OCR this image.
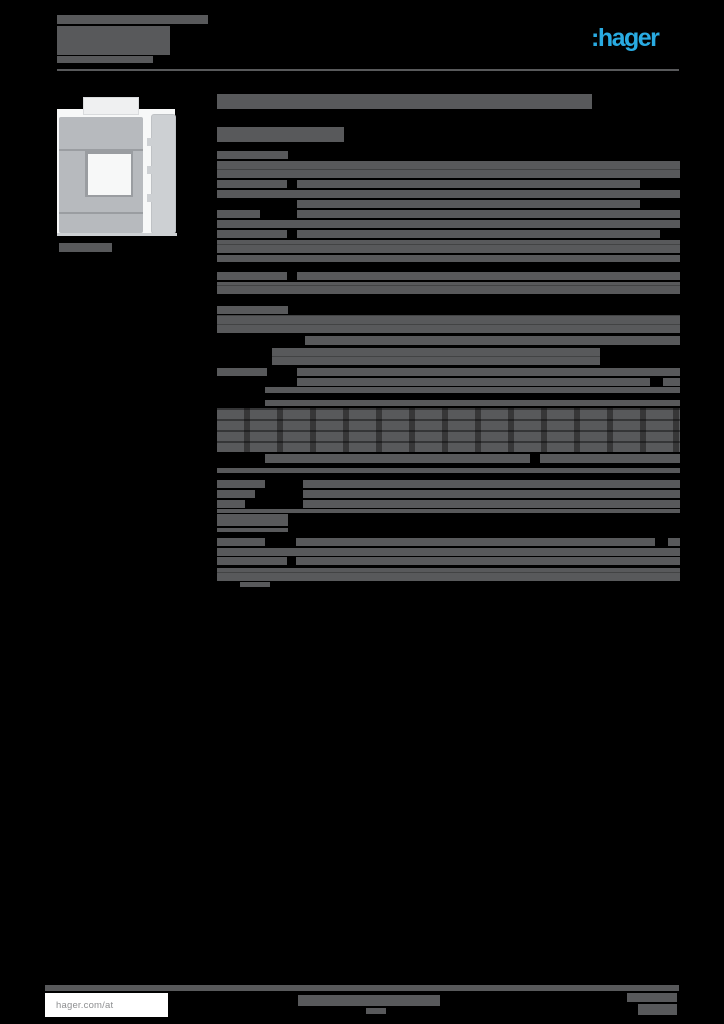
:hager
hager.com/at
